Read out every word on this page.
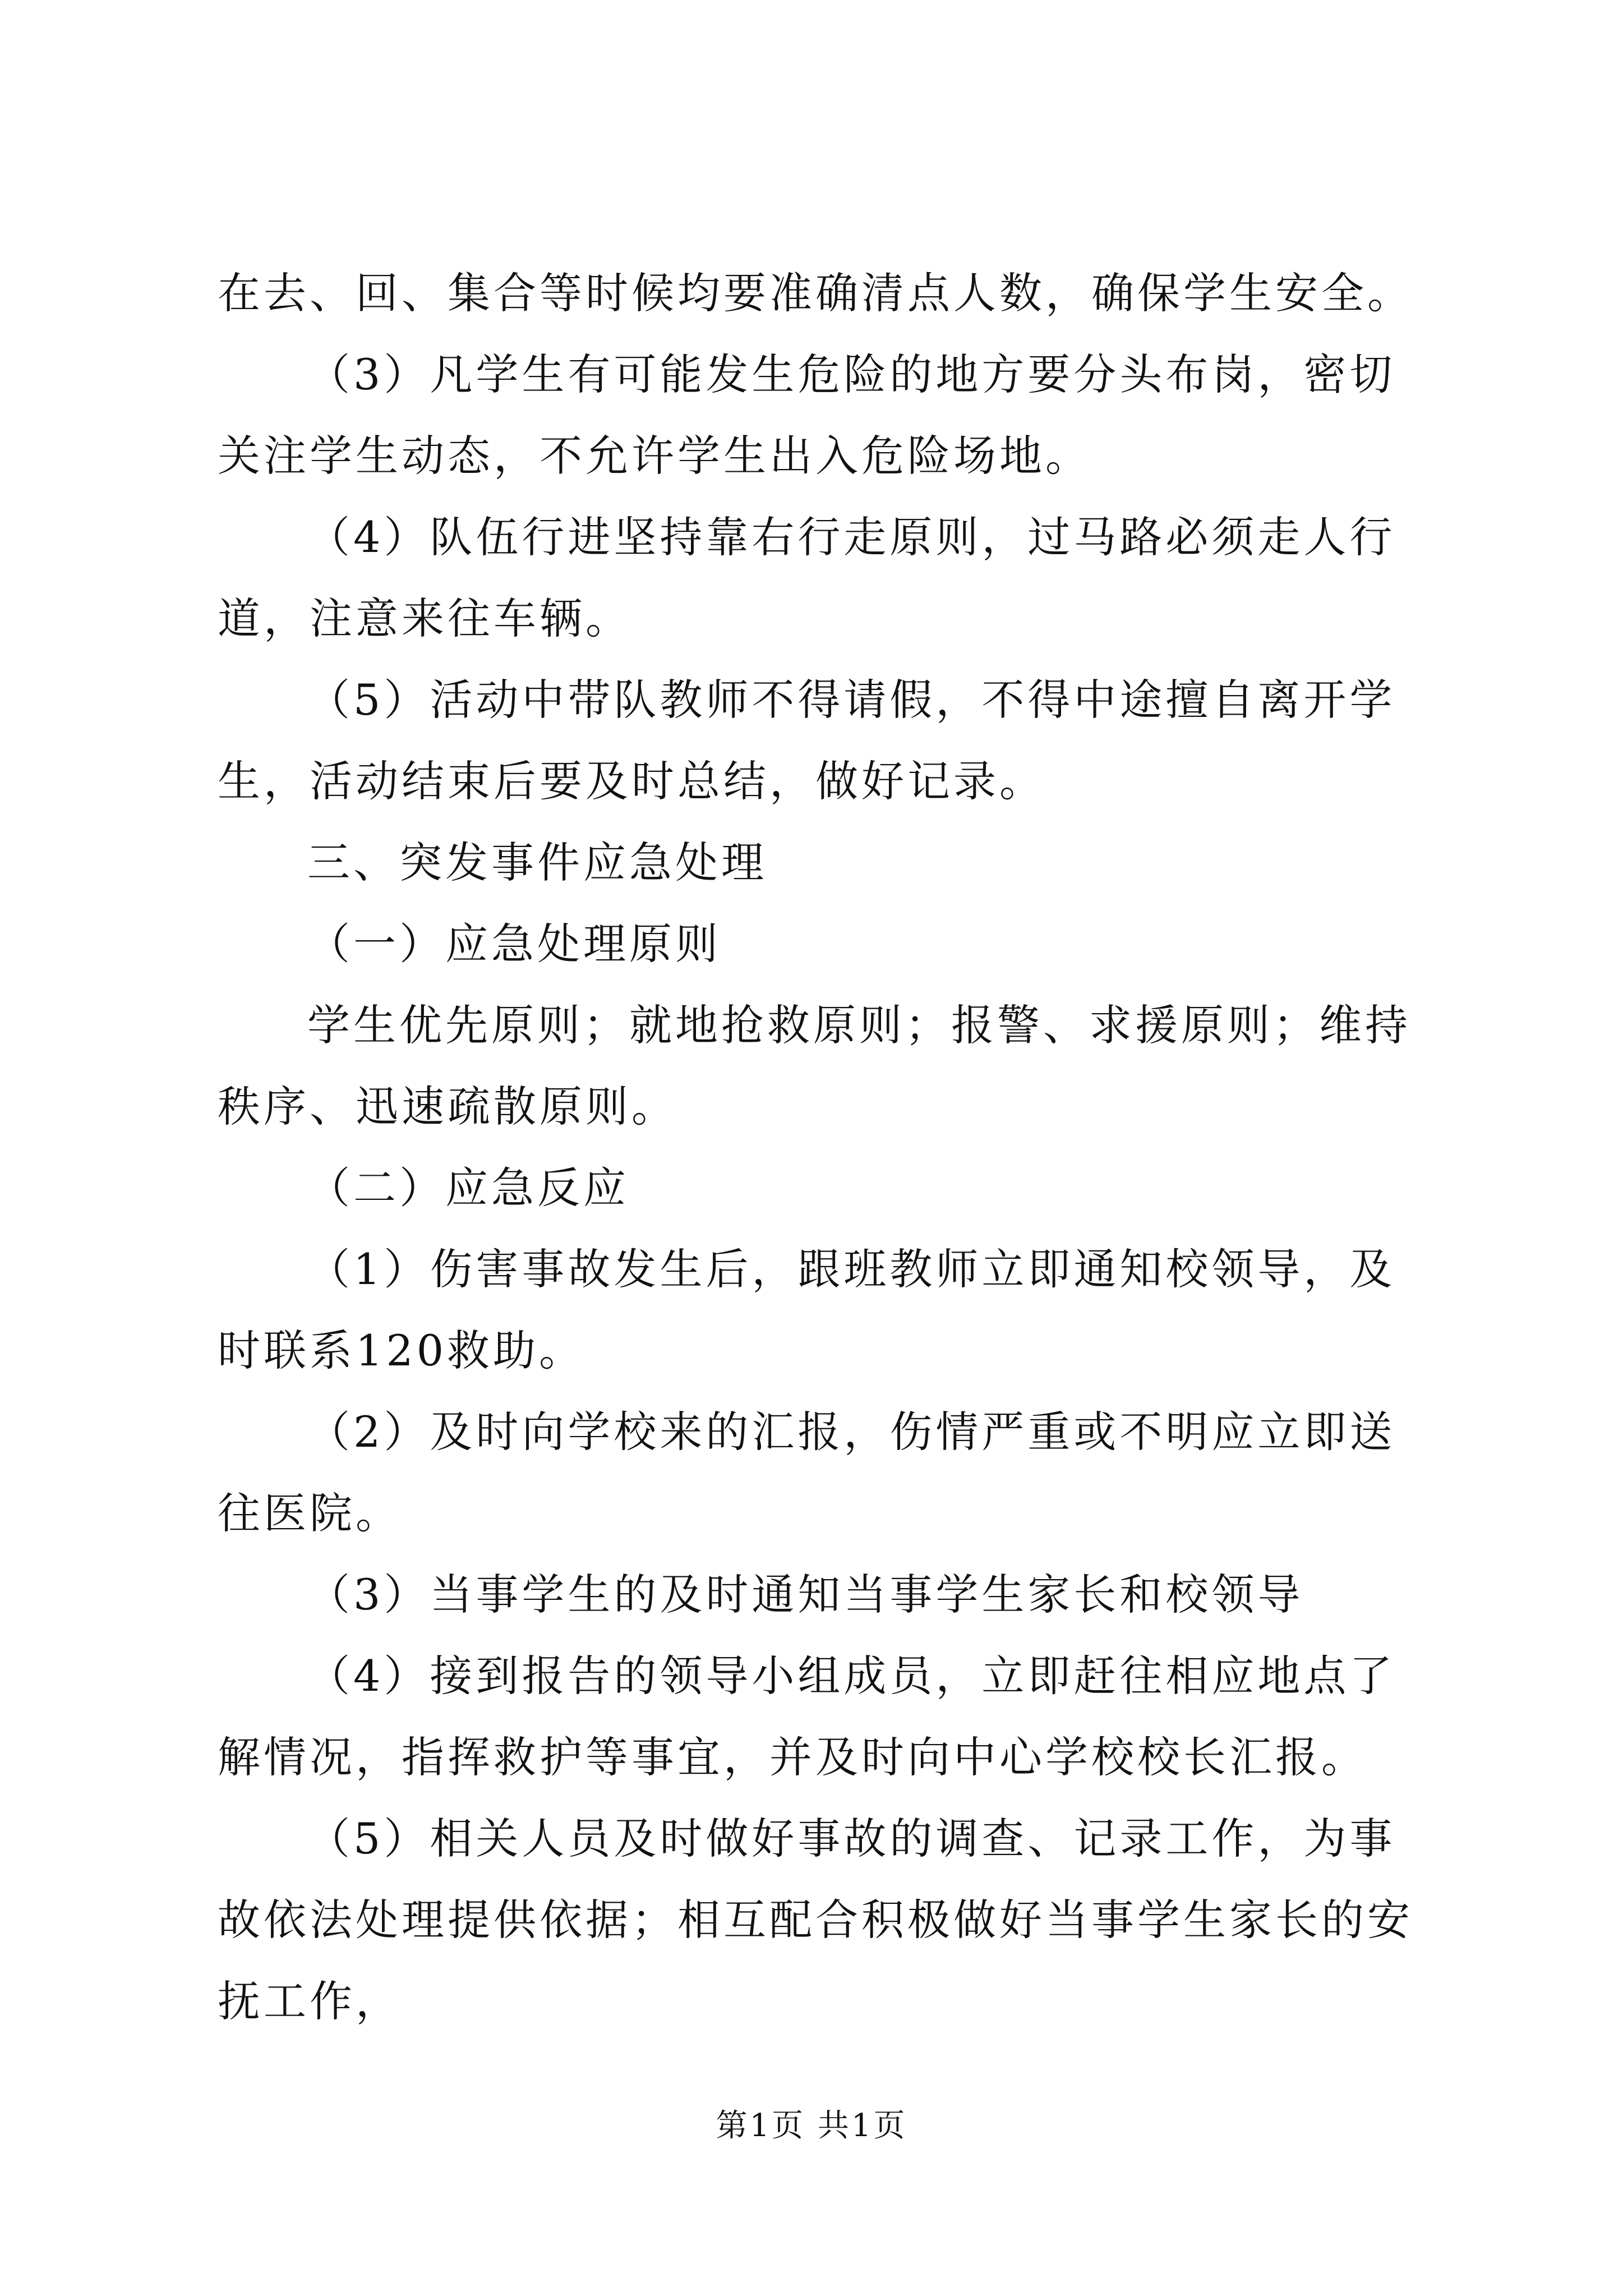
在去、回、集合等时候均要准确清点人数，确保学生安全。

（3）凡学生有可能发生危险的地方要分头布岗，密切关注学生动态，不允许学生出入危险场地。

（4）队伍行进坚持靠右行走原则，过马路必须走人行道，注意来往车辆。

（5）活动中带队教师不得请假，不得中途擅自离开学生，活动结束后要及时总结，做好记录。

三、突发事件应急处理

（一）应急处理原则

学生优先原则；就地抢救原则；报警、求援原则；维持秩序、迅速疏散原则。

（二）应急反应

（1）伤害事故发生后，跟班教师立即通知校领导，及时联系120救助。

（2）及时向学校来的汇报，伤情严重或不明应立即送往医院。

（3）当事学生的及时通知当事学生家长和校领导

（4）接到报告的领导小组成员，立即赶往相应地点了解情况，指挥救护等事宜，并及时向中心学校校长汇报。

（5）相关人员及时做好事故的调查、记录工作，为事故依法处理提供依据；相互配合积极做好当事学生家长的安抚工作，

第1页 共1页
